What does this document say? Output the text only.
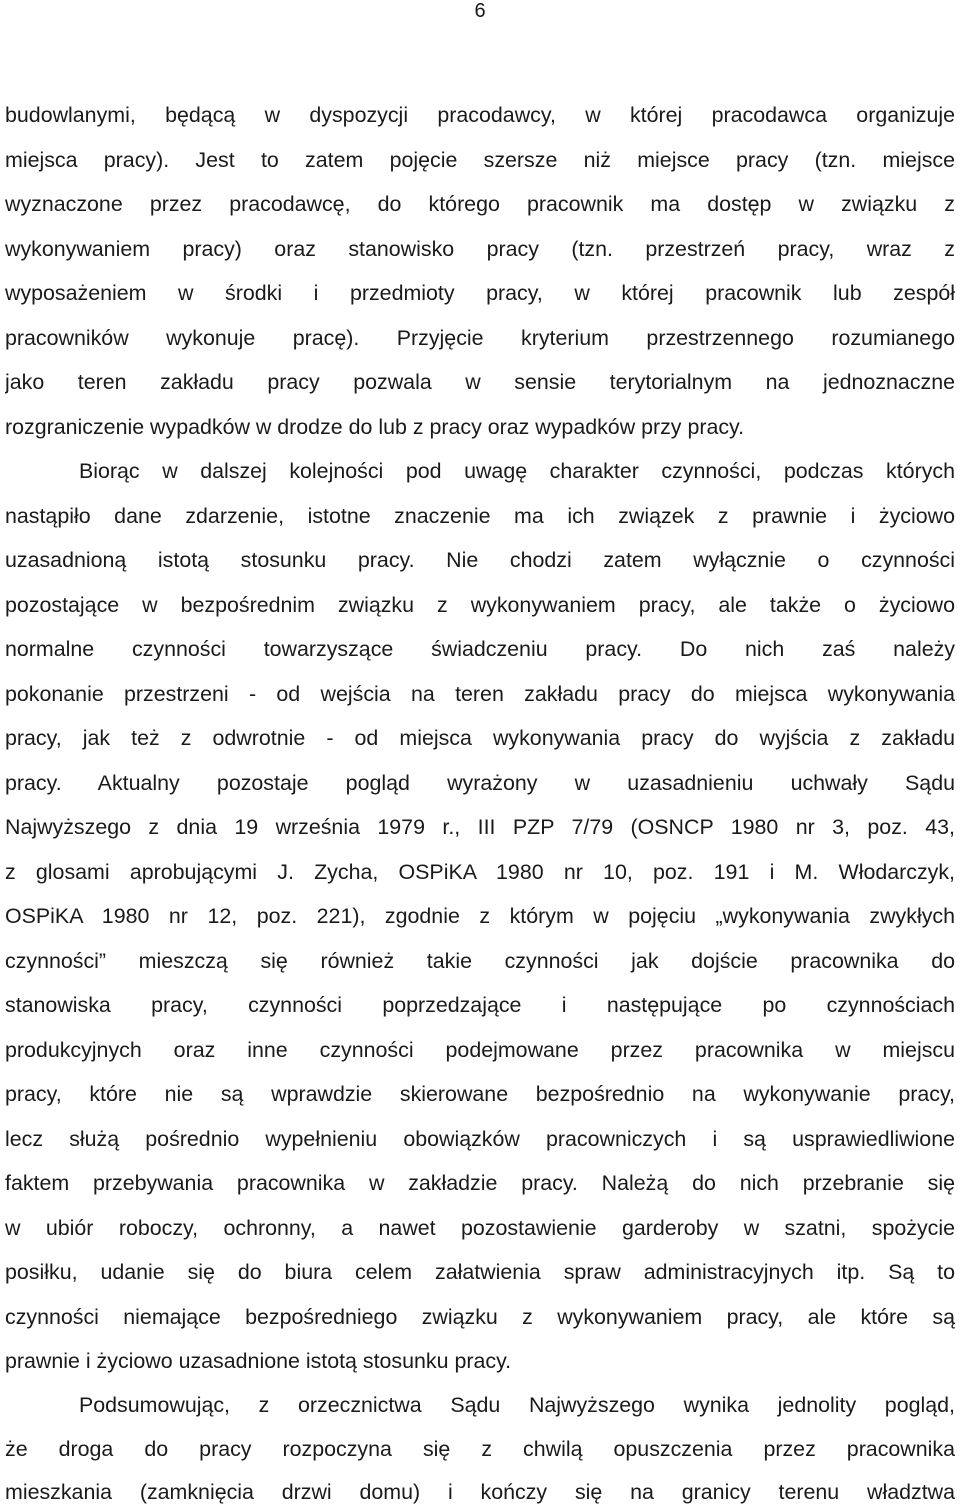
6
budowlanymi, będącą w dyspozycji pracodawcy, w której pracodawca organizuje
miejsca pracy). Jest to zatem pojęcie szersze niż miejsce pracy (tzn. miejsce
wyznaczone przez pracodawcę, do którego pracownik ma dostęp w związku z
wykonywaniem pracy) oraz stanowisko pracy (tzn. przestrzeń pracy, wraz z
wyposażeniem w środki i przedmioty pracy, w której pracownik lub zespół
pracowników wykonuje pracę). Przyjęcie kryterium przestrzennego rozumianego
jako teren zakładu pracy pozwala w sensie terytorialnym na jednoznaczne
rozgraniczenie wypadków w drodze do lub z pracy oraz wypadków przy pracy.
Biorąc w dalszej kolejności pod uwagę charakter czynności, podczas których
nastąpiło dane zdarzenie, istotne znaczenie ma ich związek z prawnie i życiowo
uzasadnioną istotą stosunku pracy. Nie chodzi zatem wyłącznie o czynności
pozostające w bezpośrednim związku z wykonywaniem pracy, ale także o życiowo
normalne czynności towarzyszące świadczeniu pracy. Do nich zaś należy
pokonanie przestrzeni - od wejścia na teren zakładu pracy do miejsca wykonywania
pracy, jak też z odwrotnie - od miejsca wykonywania pracy do wyjścia z zakładu
pracy. Aktualny pozostaje pogląd wyrażony w uzasadnieniu uchwały Sądu
Najwyższego z dnia 19 września 1979 r., III PZP 7/79 (OSNCP 1980 nr 3, poz. 43,
z glosami aprobującymi J. Zycha, OSPiKA 1980 nr 10, poz. 191 i M. Włodarczyk,
OSPiKA 1980 nr 12, poz. 221), zgodnie z którym w pojęciu „wykonywania zwykłych
czynności” mieszczą się również takie czynności jak dojście pracownika do
stanowiska pracy, czynności poprzedzające i następujące po czynnościach
produkcyjnych oraz inne czynności podejmowane przez pracownika w miejscu
pracy, które nie są wprawdzie skierowane bezpośrednio na wykonywanie pracy,
lecz służą pośrednio wypełnieniu obowiązków pracowniczych i są usprawiedliwione
faktem przebywania pracownika w zakładzie pracy. Należą do nich przebranie się
w ubiór roboczy, ochronny, a nawet pozostawienie garderoby w szatni, spożycie
posiłku, udanie się do biura celem załatwienia spraw administracyjnych itp. Są to
czynności niemające bezpośredniego związku z wykonywaniem pracy, ale które są
prawnie i życiowo uzasadnione istotą stosunku pracy.
Podsumowując, z orzecznictwa Sądu Najwyższego wynika jednolity pogląd,
że droga do pracy rozpoczyna się z chwilą opuszczenia przez pracownika
mieszkania (zamknięcia drzwi domu) i kończy się na granicy terenu władztwa
